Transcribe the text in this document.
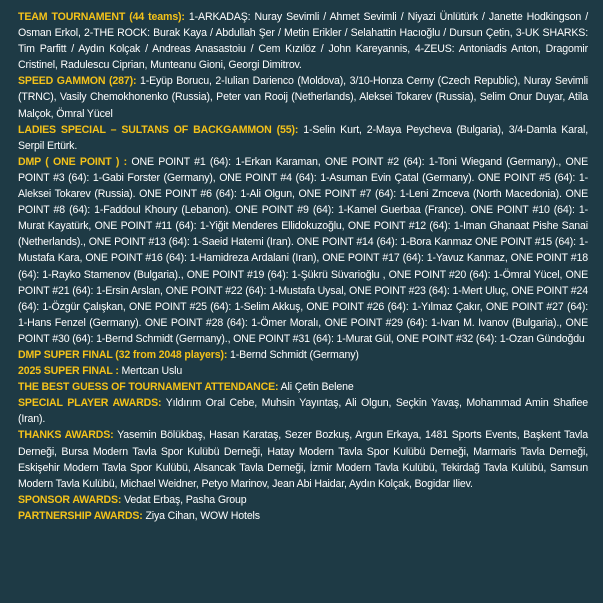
TEAM TOURNAMENT (44 teams): 1-ARKADAŞ: Nuray Sevimli / Ahmet Sevimli / Niyazi Ünlütürk / Janette Hodkingson / Osman Erkol, 2-THE ROCK: Burak Kaya / Abdullah Şer / Metin Erikler / Selahattin Hacıoğlu / Dursun Çetin, 3-UK SHARKS: Tim Parfitt / Aydın Kolçak / Andreas Anasastoiu / Cem Kızılöz / John Kareyannis, 4-ZEUS: Antoniadis Anton, Dragomir Cristinel, Radulescu Ciprian, Munteanu Gioni, Georgi Dimitrov.

SPEED GAMMON (287): 1-Eyüp Borucu, 2-Iulian Darienco (Moldova), 3/10-Honza Cerny (Czech Republic), Nuray Sevimli (TRNC), Vasily Chemokhonenko (Russia), Peter van Rooij (Netherlands), Aleksei Tokarev (Russia), Selim Onur Duyar, Atila Malçok, Ömral Yücel

LADIES SPECIAL – SULTANS OF BACKGAMMON (55): 1-Selin Kurt, 2-Maya Peycheva (Bulgaria), 3/4-Damla Karal, Serpil Ertürk.

DMP ( ONE POINT ) : ONE POINT #1 (64): 1-Erkan Karaman, ONE POINT #2 (64): 1-Toni Wiegand (Germany)., ONE POINT #3 (64): 1-Gabi Forster (Germany), ONE POINT #4 (64): 1-Asuman Evin Çatal (Germany). ONE POINT #5 (64): 1-Aleksei Tokarev (Russia). ONE POINT #6 (64): 1-Ali Olgun, ONE POINT #7 (64): 1-Leni Zrnceva (North Macedonia). ONE POINT #8 (64): 1-Faddoul Khoury (Lebanon). ONE POINT #9 (64): 1-Kamel Guerbaa (France). ONE POINT #10 (64): 1-Murat Kayatürk, ONE POINT #11 (64): 1-Yiğit Menderes Ellidokuzoğlu, ONE POINT #12 (64): 1-Iman Ghanaat Pishe Sanai (Netherlands)., ONE POINT #13 (64): 1-Saeid Hatemi (Iran). ONE POINT #14 (64): 1-Bora Kanmaz ONE POINT #15 (64): 1-Mustafa Kara, ONE POINT #16 (64): 1-Hamidreza Ardalani (Iran), ONE POINT #17 (64): 1-Yavuz Kanmaz, ONE POINT #18 (64): 1-Rayko Stamenov (Bulgaria)., ONE POINT #19 (64): 1-Şükrü Süvarioğlu , ONE POINT #20 (64): 1-Ömral Yücel, ONE POINT #21 (64): 1-Ersin Arslan, ONE POINT #22 (64): 1-Mustafa Uysal, ONE POINT #23 (64): 1-Mert Uluç, ONE POINT #24 (64): 1-Özgür Çalışkan, ONE POINT #25 (64): 1-Selim Akkuş, ONE POINT #26 (64): 1-Yılmaz Çakır, ONE POINT #27 (64): 1-Hans Fenzel (Germany). ONE POINT #28 (64): 1-Ömer Moralı, ONE POINT #29 (64): 1-Ivan M. Ivanov (Bulgaria)., ONE POINT #30 (64): 1-Bernd Schmidt (Germany)., ONE POINT #31 (64): 1-Murat Gül, ONE POINT #32 (64): 1-Ozan Gündoğdu

DMP SUPER FINAL (32 from 2048 players): 1-Bernd Schmidt (Germany)

2025 SUPER FINAL : Mertcan Uslu

THE BEST GUESS OF TOURNAMENT ATTENDANCE: Ali Çetin Belene

SPECIAL PLAYER AWARDS: Yıldırım Oral Cebe, Muhsin Yayıntaş, Ali Olgun, Seçkin Yavaş, Mohammad Amin Shafiee (Iran).

THANKS AWARDS: Yasemin Bölükbaş, Hasan Karataş, Sezer Bozkuş, Argun Erkaya, 1481 Sports Events, Başkent Tavla Derneği, Bursa Modern Tavla Spor Kulübü Derneği, Hatay Modern Tavla Spor Kulübü Derneği, Marmaris Tavla Derneği, Eskişehir Modern Tavla Spor Kulübü, Alsancak Tavla Derneği, İzmir Modern Tavla Kulübü, Tekirdağ Tavla Kulübü, Samsun Modern Tavla Kulübü, Michael Weidner, Petyo Marinov, Jean Abi Haidar, Aydın Kolçak, Bogidar Iliev.

SPONSOR AWARDS: Vedat Erbaş, Pasha Group

PARTNERSHIP AWARDS: Ziya Cihan, WOW Hotels
